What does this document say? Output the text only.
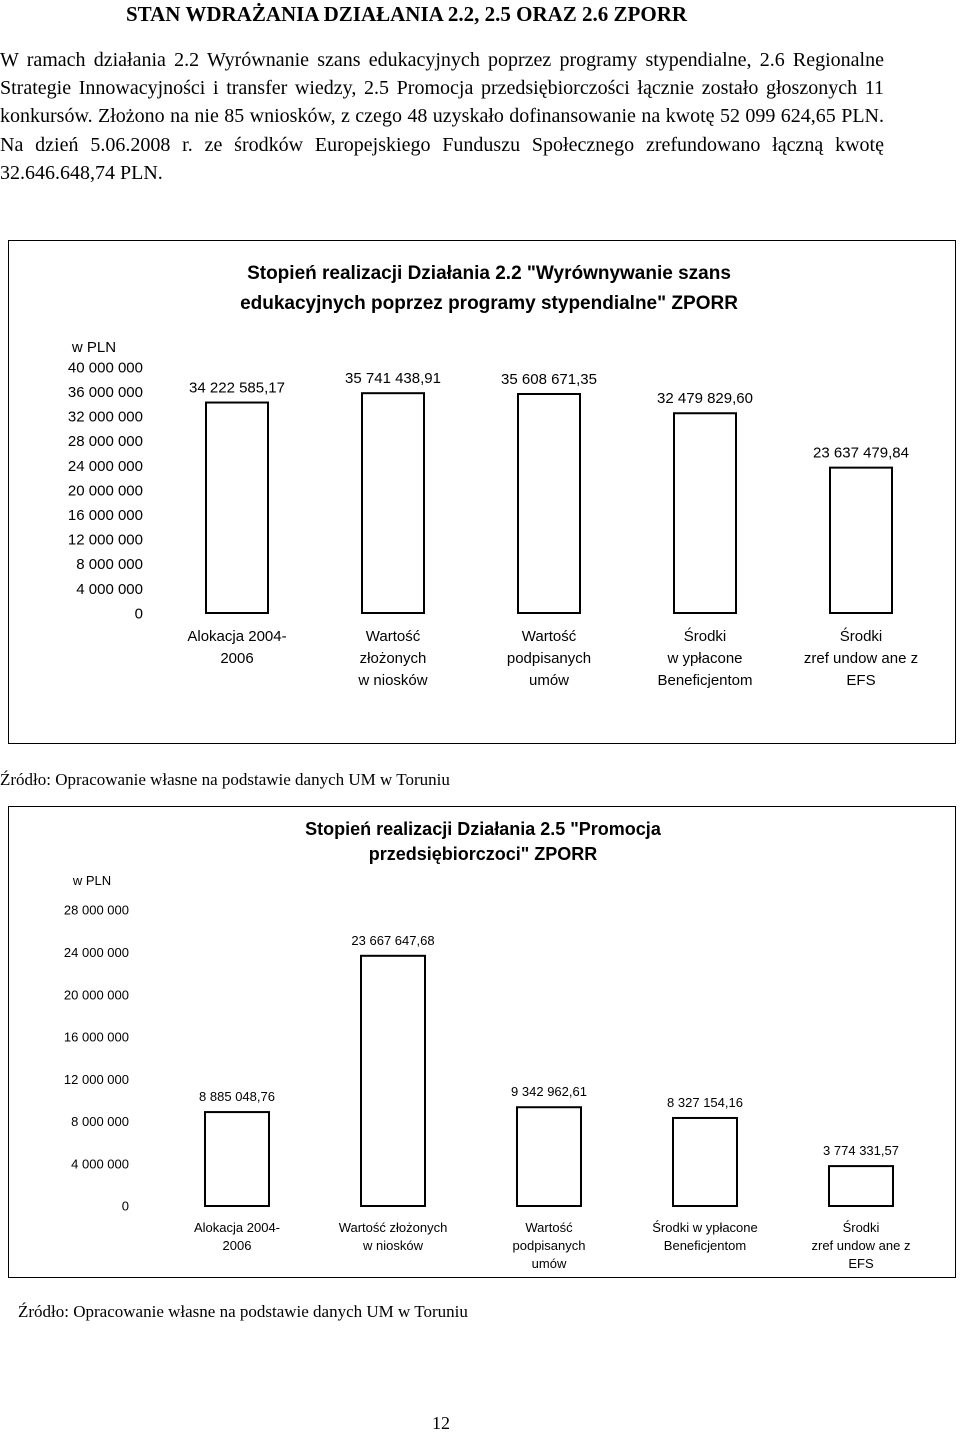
STAN WDRAŻANIA DZIAŁANIA 2.2, 2.5 ORAZ 2.6 ZPORR

W ramach działania 2.2 Wyrównanie szans edukacyjnych poprzez programy stypendialne, 2.6 Regionalne Strategie Innowacyjności i transfer wiedzy, 2.5 Promocja przedsiębiorczości łącznie zostało głoszonych 11 konkursów. Złożono na nie 85 wniosków, z czego 48 uzyskało dofinansowanie na kwotę 52 099 624,65 PLN. Na dzień 5.06.2008 r. ze środków Europejskiego Funduszu Społecznego zrefundowano łączną kwotę 32.646.648,74 PLN.

Stopień realizacji Działania 2.2 "Wyrównywanie szans
edukacyjnych poprzez programy stypendialne" ZPORR
w PLN
0
4 000 000
8 000 000
12 000 000
16 000 000
20 000 000
24 000 000
28 000 000
32 000 000
36 000 000
40 000 000
34 222 585,17
Alokacja 2004-
2006
35 741 438,91
Wartość
złożonych
w niosków
35 608 671,35
Wartość
podpisanych
umów
32 479 829,60
Środki
w ypłacone
Beneficjentom
23 637 479,84
Środki
zref undow ane z
EFS

Źródło: Opracowanie własne na podstawie danych UM w Toruniu

Stopień realizacji Działania 2.5 "Promocja
przedsiębiorczoci" ZPORR
w PLN
0
4 000 000
8 000 000
12 000 000
16 000 000
20 000 000
24 000 000
28 000 000
8 885 048,76
Alokacja 2004-
2006
23 667 647,68
Wartość złożonych
w niosków
9 342 962,61
Wartość
podpisanych
umów
8 327 154,16
Środki w ypłacone
Beneficjentom
3 774 331,57
Środki
zref undow ane z
EFS

Źródło: Opracowanie własne na podstawie danych UM w Toruniu

12
